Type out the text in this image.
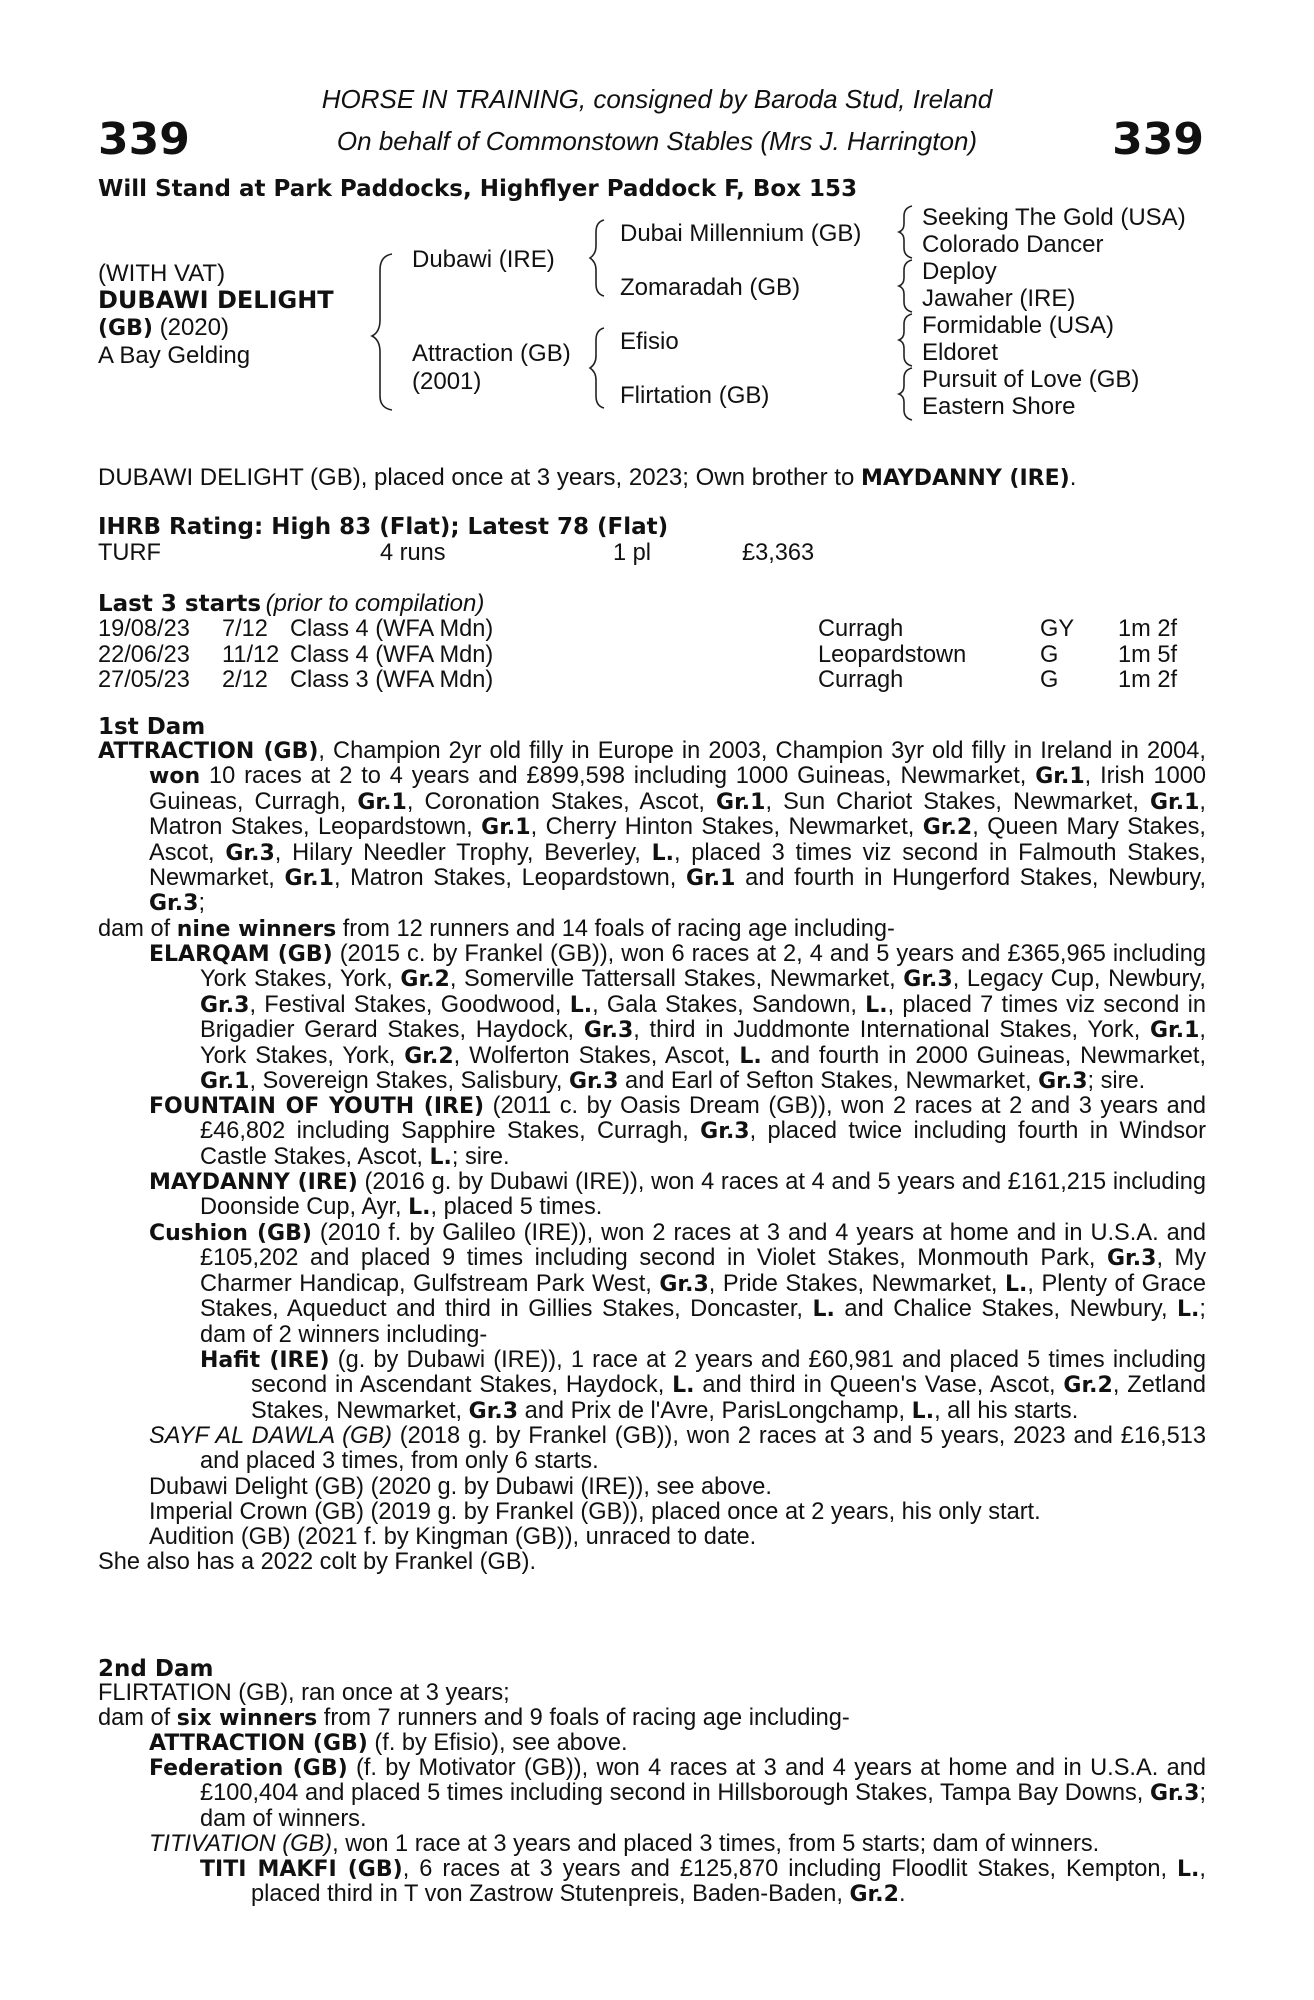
339	339
HORSE IN TRAINING, consigned by Baroda Stud, Ireland
On behalf of Commonstown Stables (Mrs J. Harrington)
Will Stand at Park Paddocks, Highflyer Paddock F, Box 153
(WITH VAT)
DUBAWI DELIGHT
(GB) (2020)
A Bay Gelding
Dubawi (IRE)
Attraction (GB)
(2001)
Dubai Millennium (GB)
Zomaradah (GB)
Efisio
Flirtation (GB)
Seeking The Gold (USA)
Colorado Dancer
Deploy
Jawaher (IRE)
Formidable (USA)
Eldoret
Pursuit of Love (GB)
Eastern Shore
DUBAWI DELIGHT (GB), placed once at 3 years, 2023; Own brother to MAYDANNY (IRE).
IHRB Rating: High 83 (Flat); Latest 78 (Flat)
TURF	4 runs	1 pl	£3,363
Last 3 starts (prior to compilation)
19/08/23 7/12 Class 4 (WFA Mdn)	Curragh	GY 1m 2f
22/06/23 11/12 Class 4 (WFA Mdn)	Leopardstown	G	1m 5f
27/05/23 2/12 Class 3 (WFA Mdn)	Curragh	G	1m 2f
1st Dam
ATTRACTION (GB), Champion 2yr old filly in Europe in 2003, Champion 3yr old filly in Ireland in 2004, won 10 races at 2 to 4 years and £899,598 including 1000 Guineas, Newmarket, Gr.1, Irish 1000 Guineas, Curragh, Gr.1, Coronation Stakes, Ascot, Gr.1, Sun Chariot Stakes, Newmarket, Gr.1, Matron Stakes, Leopardstown, Gr.1, Cherry Hinton Stakes, Newmarket, Gr.2, Queen Mary Stakes, Ascot, Gr.3, Hilary Needler Trophy, Beverley, L., placed 3 times viz second in Falmouth Stakes, Newmarket, Gr.1, Matron Stakes, Leopardstown, Gr.1 and fourth in Hungerford Stakes, Newbury, Gr.3;
dam of nine winners from 12 runners and 14 foals of racing age including-
ELARQAM (GB) (2015 c. by Frankel (GB)), won 6 races at 2, 4 and 5 years and £365,965 including York Stakes, York, Gr.2, Somerville Tattersall Stakes, Newmarket, Gr.3, Legacy Cup, Newbury, Gr.3, Festival Stakes, Goodwood, L., Gala Stakes, Sandown, L., placed 7 times viz second in Brigadier Gerard Stakes, Haydock, Gr.3, third in Juddmonte International Stakes, York, Gr.1, York Stakes, York, Gr.2, Wolferton Stakes, Ascot, L. and fourth in 2000 Guineas, Newmarket, Gr.1, Sovereign Stakes, Salisbury, Gr.3 and Earl of Sefton Stakes, Newmarket, Gr.3; sire.
FOUNTAIN OF YOUTH (IRE) (2011 c. by Oasis Dream (GB)), won 2 races at 2 and 3 years and £46,802 including Sapphire Stakes, Curragh, Gr.3, placed twice including fourth in Windsor Castle Stakes, Ascot, L.; sire.
MAYDANNY (IRE) (2016 g. by Dubawi (IRE)), won 4 races at 4 and 5 years and £161,215 including Doonside Cup, Ayr, L., placed 5 times.
Cushion (GB) (2010 f. by Galileo (IRE)), won 2 races at 3 and 4 years at home and in U.S.A. and £105,202 and placed 9 times including second in Violet Stakes, Monmouth Park, Gr.3, My Charmer Handicap, Gulfstream Park West, Gr.3, Pride Stakes, Newmarket, L., Plenty of Grace Stakes, Aqueduct and third in Gillies Stakes, Doncaster, L. and Chalice Stakes, Newbury, L.; dam of 2 winners including-
Hafit (IRE) (g. by Dubawi (IRE)), 1 race at 2 years and £60,981 and placed 5 times including second in Ascendant Stakes, Haydock, L. and third in Queen's Vase, Ascot, Gr.2, Zetland Stakes, Newmarket, Gr.3 and Prix de l'Avre, ParisLongchamp, L., all his starts.
SAYF AL DAWLA (GB) (2018 g. by Frankel (GB)), won 2 races at 3 and 5 years, 2023 and £16,513 and placed 3 times, from only 6 starts.
Dubawi Delight (GB) (2020 g. by Dubawi (IRE)), see above.
Imperial Crown (GB) (2019 g. by Frankel (GB)), placed once at 2 years, his only start.
Audition (GB) (2021 f. by Kingman (GB)), unraced to date.
She also has a 2022 colt by Frankel (GB).
2nd Dam
FLIRTATION (GB), ran once at 3 years;
dam of six winners from 7 runners and 9 foals of racing age including-
ATTRACTION (GB) (f. by Efisio), see above.
Federation (GB) (f. by Motivator (GB)), won 4 races at 3 and 4 years at home and in U.S.A. and £100,404 and placed 5 times including second in Hillsborough Stakes, Tampa Bay Downs, Gr.3; dam of winners.
TITIVATION (GB), won 1 race at 3 years and placed 3 times, from 5 starts; dam of winners.
TITI MAKFI (GB), 6 races at 3 years and £125,870 including Floodlit Stakes, Kempton, L., placed third in T von Zastrow Stutenpreis, Baden-Baden, Gr.2.
